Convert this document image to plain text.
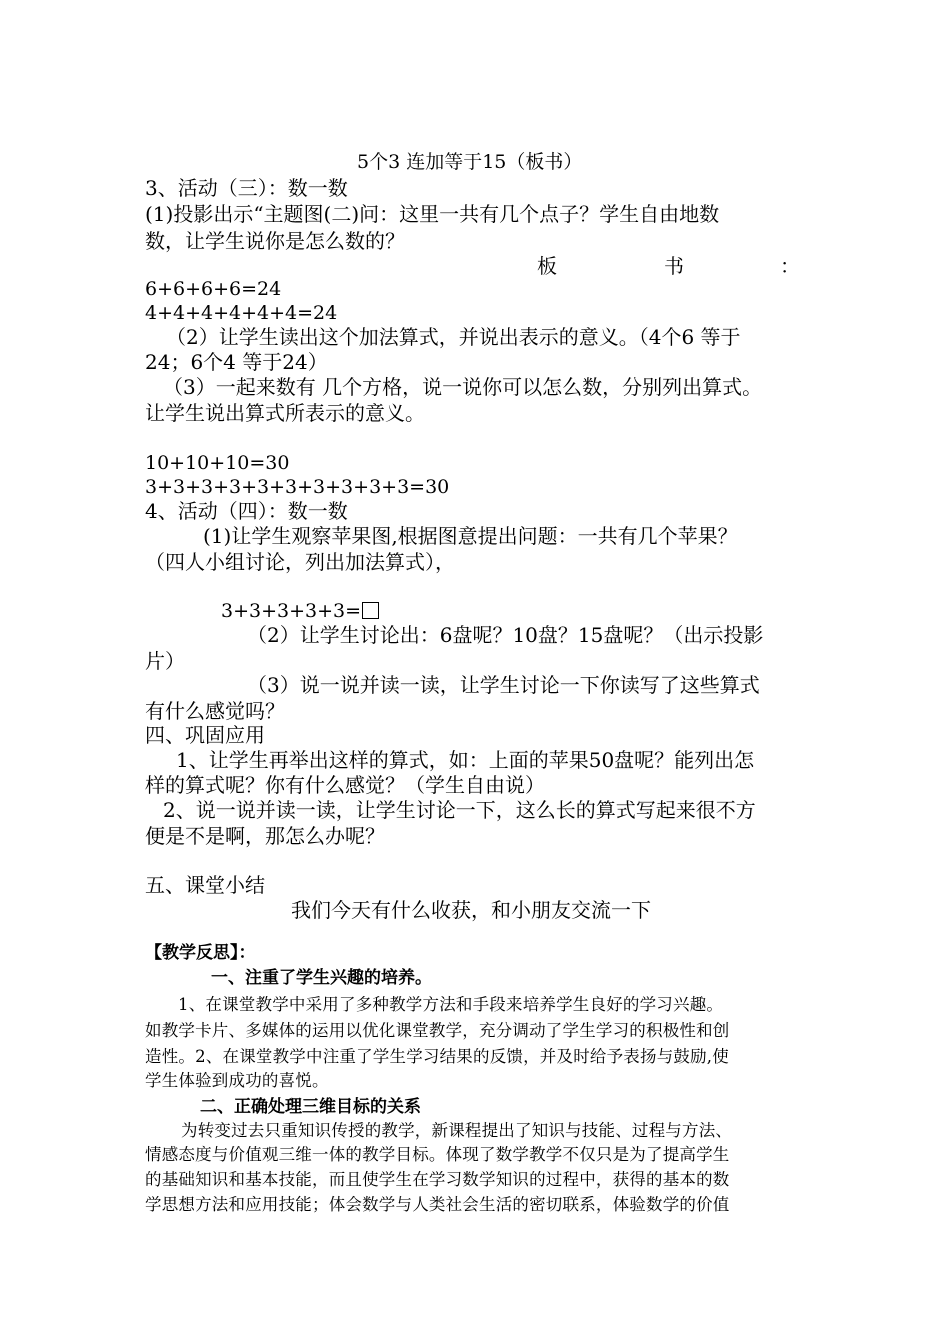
5个3 连加等于15（板书）
3、活动（三）：数一数
(1)投影出示“主题图(二)问：这里一共有几个点子？学生自由地数
数，让学生说你是怎么数的？
板	书	：
6+6+6+6=24
4+4+4+4+4+4=24
（2）让学生读出这个加法算式，并说出表示的意义。（4个6 等于
24；6个4 等于24）
（3）一起来数有 几个方格，说一说你可以怎么数，分别列出算式。
让学生说出算式所表示的意义。
10+10+10=30
3+3+3+3+3+3+3+3+3+3=30
4、活动（四）：数一数
(1)让学生观察苹果图,根据图意提出问题：一共有几个苹果？
（四人小组讨论，列出加法算式），
3+3+3+3+3=
（2）让学生讨论出：6盘呢？10盘？15盘呢？（出示投影
片）
（3）说一说并读一读，让学生讨论一下你读写了这些算式
有什么感觉吗？
四、巩固应用
1、让学生再举出这样的算式，如：上面的苹果50盘呢？能列出怎
样的算式呢？你有什么感觉？（学生自由说）
2、说一说并读一读，让学生讨论一下，这么长的算式写起来很不方
便是不是啊，那怎么办呢？
五、课堂小结
我们今天有什么收获，和小朋友交流一下
【教学反思】：
一、注重了学生兴趣的培养。
1、在课堂教学中采用了多种教学方法和手段来培养学生良好的学习兴趣。
如教学卡片、多媒体的运用以优化课堂教学，充分调动了学生学习的积极性和创
造性。2、在课堂教学中注重了学生学习结果的反馈，并及时给予表扬与鼓励,使
学生体验到成功的喜悦。
二、正确处理三维目标的关系
为转变过去只重知识传授的教学，新课程提出了知识与技能、过程与方法、
情感态度与价值观三维一体的教学目标。体现了数学教学不仅只是为了提高学生
的基础知识和基本技能，而且使学生在学习数学知识的过程中，获得的基本的数
学思想方法和应用技能；体会数学与人类社会生活的密切联系，体验数学的价值
